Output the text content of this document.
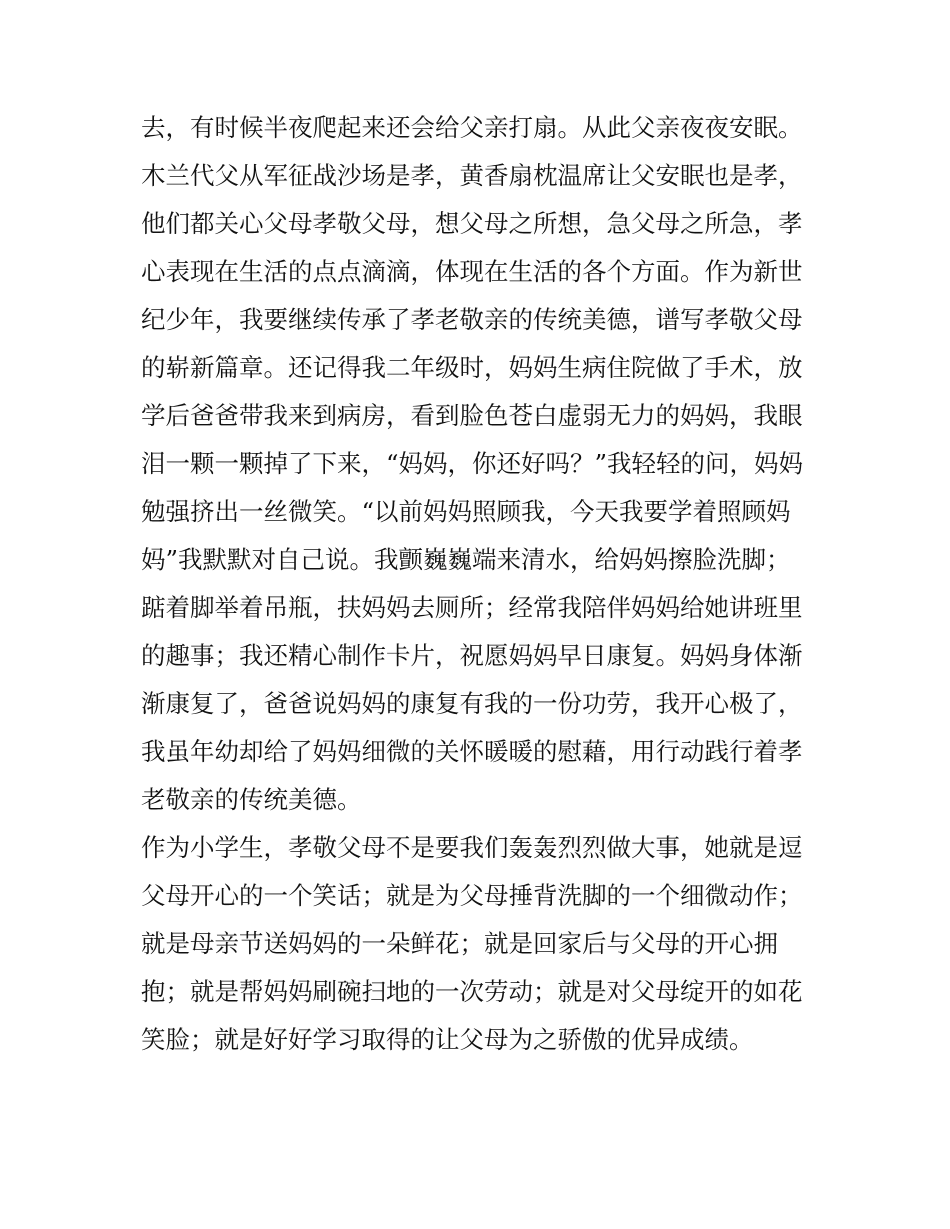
去，有时候半夜爬起来还会给父亲打扇。从此父亲夜夜安眠。
木兰代父从军征战沙场是孝，黄香扇枕温席让父安眠也是孝，
他们都关心父母孝敬父母，想父母之所想，急父母之所急，孝
心表现在生活的点点滴滴，体现在生活的各个方面。作为新世
纪少年，我要继续传承了孝老敬亲的传统美德，谱写孝敬父母
的崭新篇章。还记得我二年级时，妈妈生病住院做了手术，放
学后爸爸带我来到病房，看到脸色苍白虚弱无力的妈妈，我眼
泪一颗一颗掉了下来，“妈妈，你还好吗？”我轻轻的问，妈妈
勉强挤出一丝微笑。“以前妈妈照顾我，今天我要学着照顾妈
妈”我默默对自己说。我颤巍巍端来清水，给妈妈擦脸洗脚；
踮着脚举着吊瓶，扶妈妈去厕所；经常我陪伴妈妈给她讲班里
的趣事；我还精心制作卡片，祝愿妈妈早日康复。妈妈身体渐
渐康复了，爸爸说妈妈的康复有我的一份功劳，我开心极了，
我虽年幼却给了妈妈细微的关怀暖暖的慰藉，用行动践行着孝
老敬亲的传统美德。
作为小学生，孝敬父母不是要我们轰轰烈烈做大事，她就是逗
父母开心的一个笑话；就是为父母捶背洗脚的一个细微动作；
就是母亲节送妈妈的一朵鲜花；就是回家后与父母的开心拥
抱；就是帮妈妈刷碗扫地的一次劳动；就是对父母绽开的如花
笑脸；就是好好学习取得的让父母为之骄傲的优异成绩。
